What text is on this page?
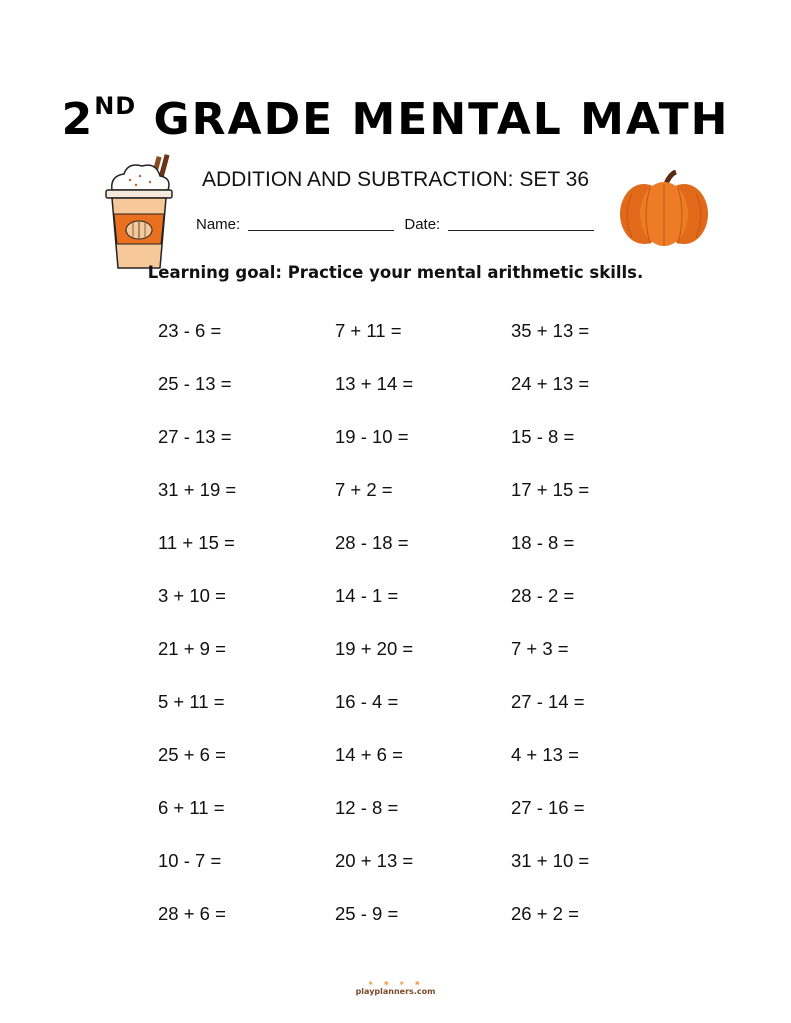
2ND GRADE MENTAL MATH
ADDITION AND SUBTRACTION: SET 36
Name:	Date:
Learning goal: Practice your mental arithmetic skills.
23 - 6 =
25 - 13 =
27 - 13 =
31 + 19 =
11 + 15 =
3 + 10 =
21 + 9 =
5 + 11 =
25 + 6 =
6 + 11 =
10 - 7 =
28 + 6 =
7 + 11 =
13 + 14 =
19 - 10 =
7 + 2 =
28 - 18 =
14 - 1 =
19 + 20 =
16 - 4 =
14 + 6 =
12 - 8 =
20 + 13 =
25 - 9 =
35 + 13 =
24 + 13 =
15 - 8 =
17 + 15 =
18 - 8 =
28 - 2 =
7 + 3 =
27 - 14 =
4 + 13 =
27 - 16 =
31 + 10 =
26 + 2 =
✶ ✷ ✶ ✷
playplanners.com
